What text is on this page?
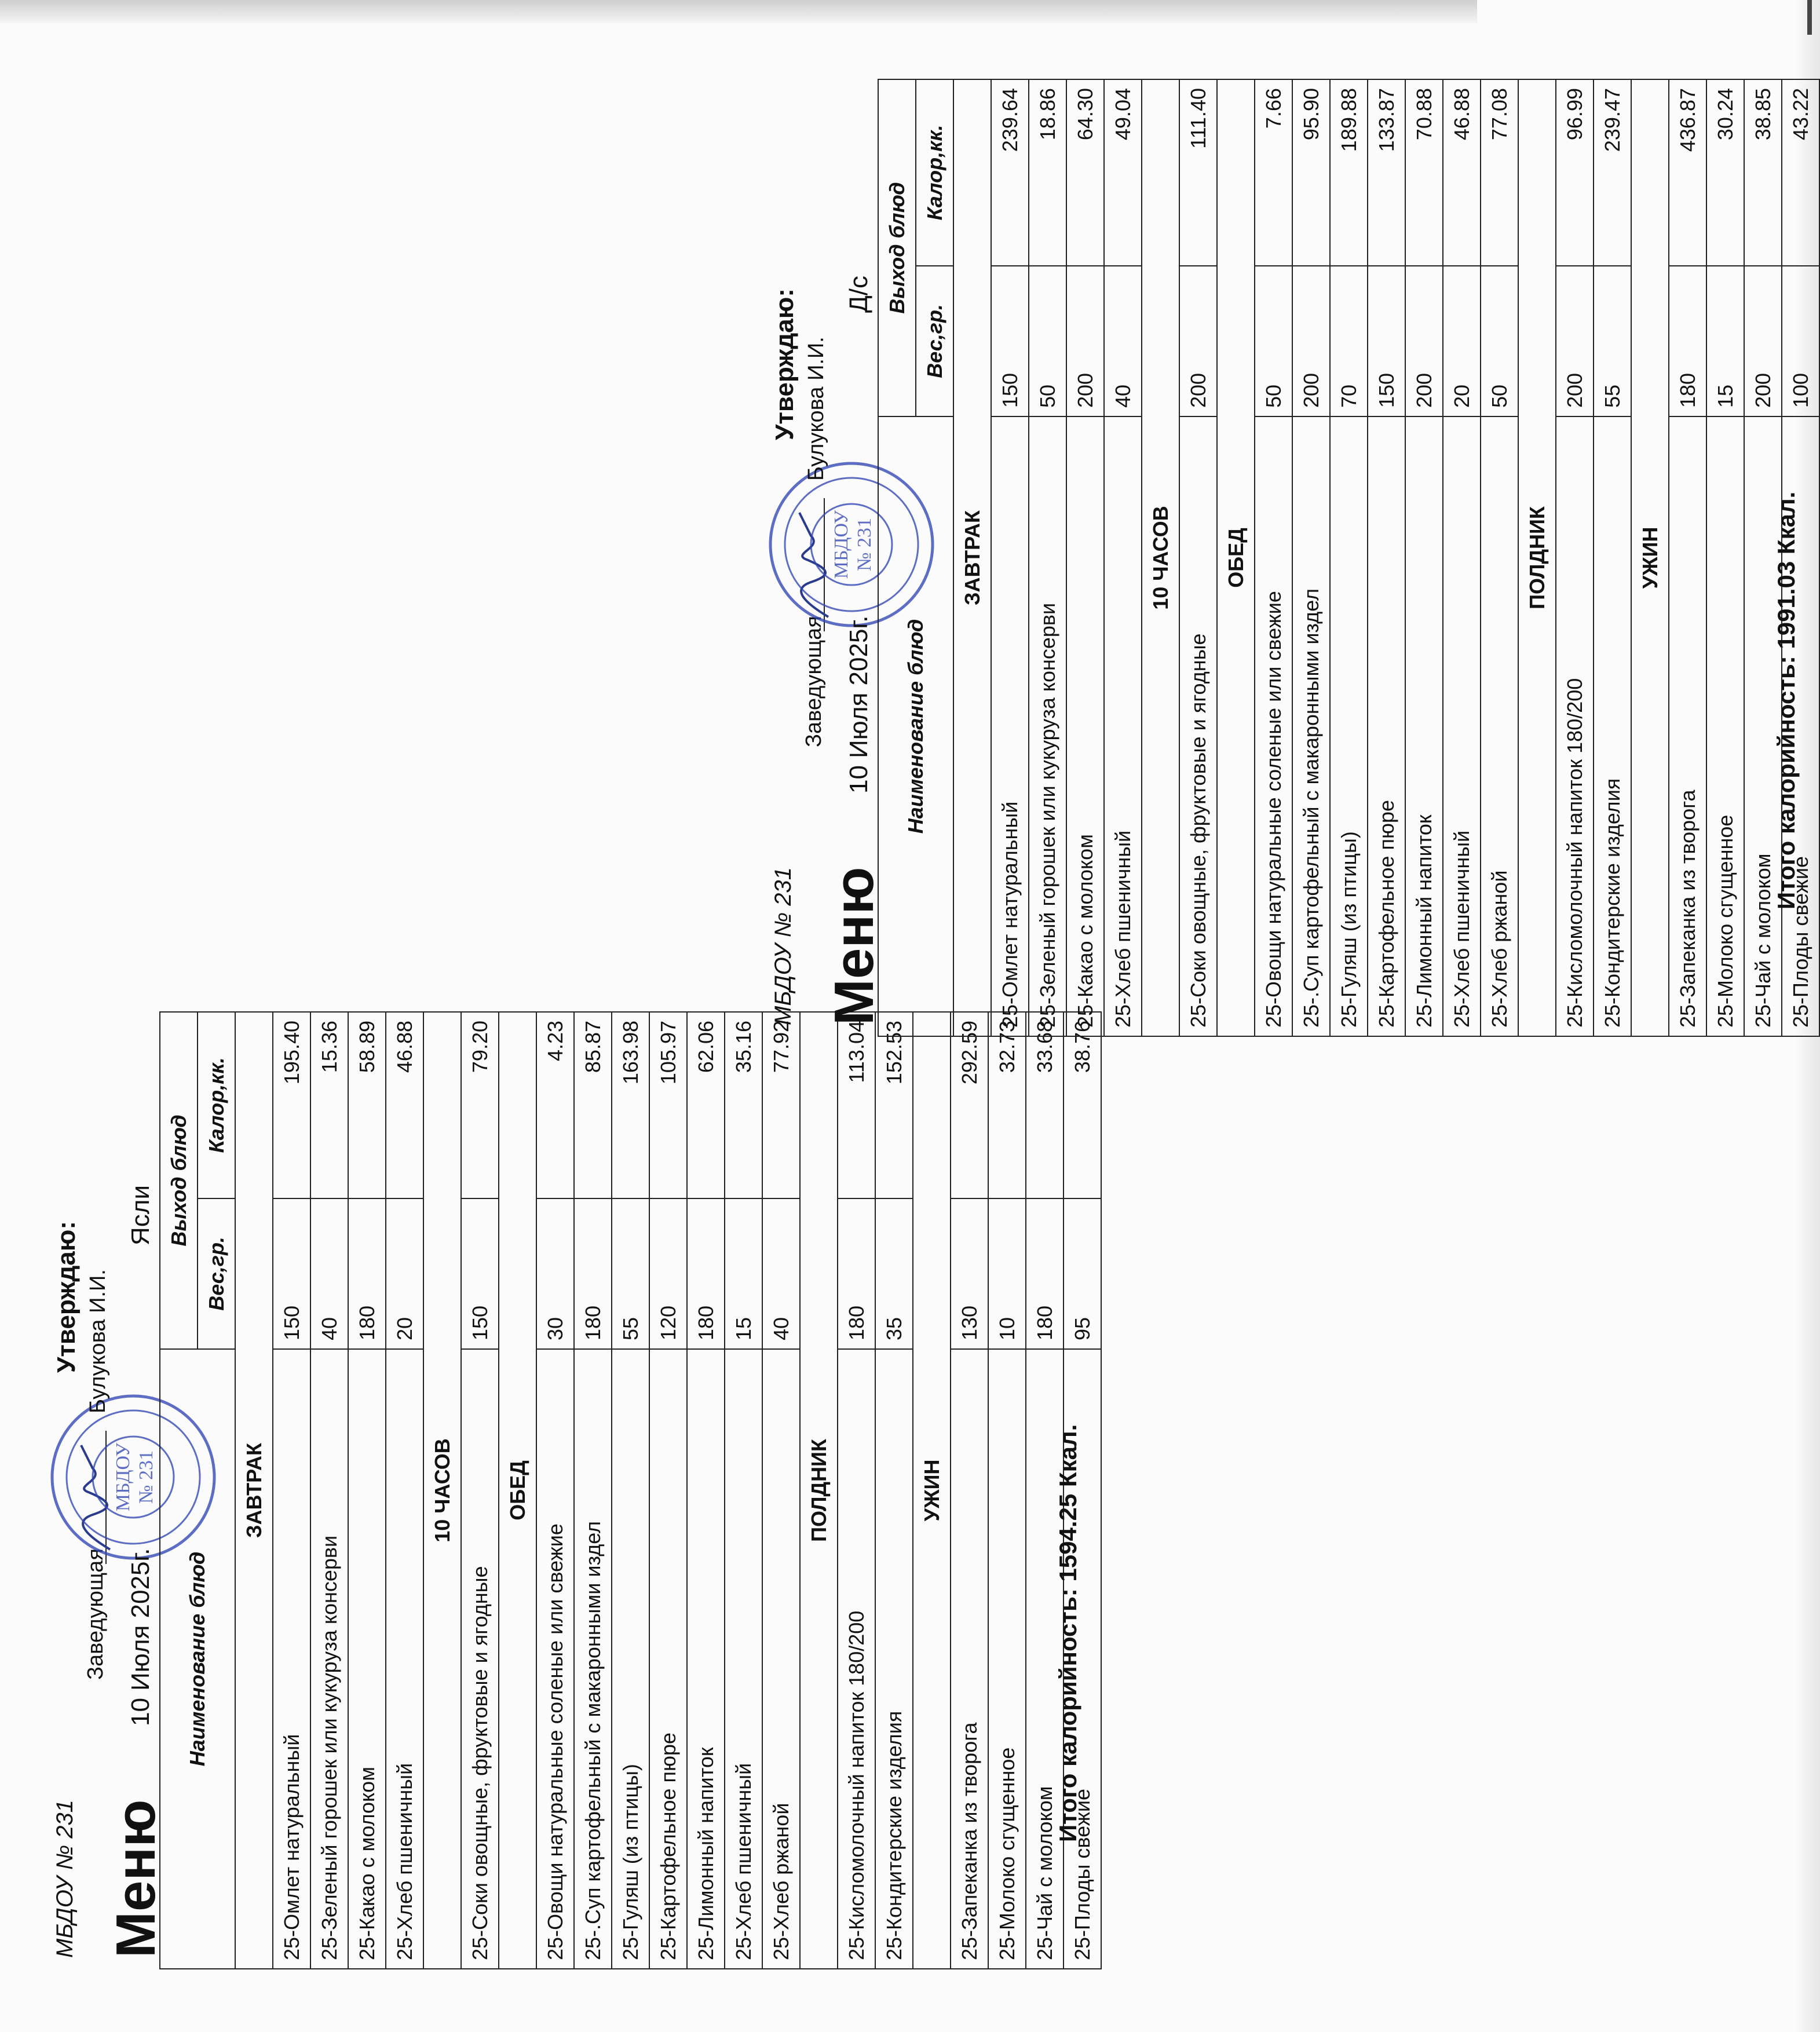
МБДОУ № 231 Меню
Заведующая
МБДОУ № 231
Утверждаю: Булукова И.И.
10 Июля 2025г.
Ясли
Наименование блюд	Выход блюд	
	Вес,гр.	Калор,кк.
ЗАВТРАК		
25-Омлет натуральный	150	195.40
25-Зеленый горошек или кукуруза консерви	40	15.36
25-Какао с молоком	180	58.89
25-Хлеб пшеничный	20	46.88
10 ЧАСОВ		
25-Соки овощные, фруктовые и ягодные	150	79.20
ОБЕД		
25-Овощи натуральные соленые или свежие	30	4.23
25-.Суп картофельный с макаронными издел	180	85.87
25-Гуляш (из птицы)	55	163.98
25-Картофельное пюре	120	105.97
25-Лимонный напиток	180	62.06
25-Хлеб пшеничный	15	35.16
25-Хлеб ржаной	40	77.92
ПОЛДНИК		
25-Кисломолочный напиток 180/200	180	113.04
25-Кондитерские изделия	35	152.53
УЖИН		
25-Запеканка из творога	130	292.59
25-Молоко сгущенное	10	32.73
25-Чай с молоком	180	33.68
25-Плоды свежие	95	38.76
Итого калорийность: 1594.25 Ккал.
МБДОУ № 231 Меню
Заведующая
МБДОУ № 231
Утверждаю: Булукова И.И.
10 Июля 2025г.
Д/с
Наименование блюд	Выход блюд	
	Вес,гр.	Калор,кк.
ЗАВТРАК		
25-Омлет натуральный	150	239.64
25-Зеленый горошек или кукуруза консерви	50	18.86
25-Какао с молоком	200	64.30
25-Хлеб пшеничный	40	49.04
10 ЧАСОВ		
25-Соки овощные, фруктовые и ягодные	200	111.40
ОБЕД		
25-Овощи натуральные соленые или свежие	50	7.66
25-.Суп картофельный с макаронными издел	200	95.90
25-Гуляш (из птицы)	70	189.88
25-Картофельное пюре	150	133.87
25-Лимонный напиток	200	70.88
25-Хлеб пшеничный	20	46.88
25-Хлеб ржаной	50	77.08
ПОЛДНИК		
25-Кисломолочный напиток 180/200	200	96.99
25-Кондитерские изделия	55	239.47
УЖИН		
25-Запеканка из творога	180	436.87
25-Молоко сгущенное	15	30.24
25-Чай с молоком	200	38.85
25-Плоды свежие	100	43.22
Итого калорийность: 1991.03 Ккал.
